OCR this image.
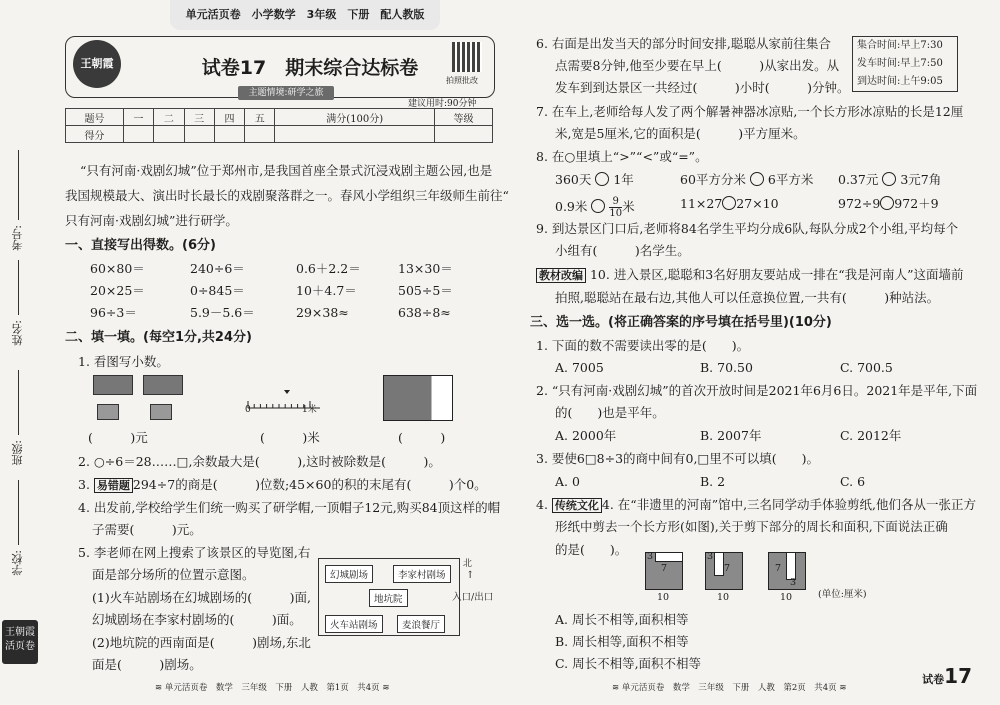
考号:
姓名:
班级:
学校:
王朝霞 活页卷
单元活页卷　小学数学　3年级　下册　配人教版
王朝霞	试卷17　期末综合达标卷
拍照批改
主题情境:研学之旅
建议用时:90分钟
题号	一	二	三	四	五	满分(100分)	等级
得分							
“只有河南·戏剧幻城”位于郑州市,是我国首座全景式沉浸戏剧主题公园,也是
我国规模最大、演出时长最长的戏剧聚落群之一。春风小学组织三年级师生前往“
只有河南·戏剧幻城”进行研学。
一、直接写出得数。(6分)
60×80＝	240÷6＝	0.6＋2.2＝	13×30＝
20×25＝	0÷845＝	10＋4.7＝	505÷5＝
96÷3＝	5.9－5.6＝	29×38≈	638÷8≈
二、填一填。(每空1分,共24分)
1. 看图写小数。
(　　　)元
0	1米
(　　　)米	(　　　)
2. ○÷6＝28……□,余数最大是(　　　),这时被除数是(　　　)。
3. 易错题 294÷7的商是(　　　)位数;45×60的积的末尾有(　　　)个0。
4. 出发前,学校给学生们统一购买了研学帽,一顶帽子12元,购买84顶这样的帽
子需要(　　　)元。
5. 李老师在网上搜索了该景区的导览图,右
面是部分场所的位置示意图。
(1)火车站剧场在幻城剧场的(　　　)面,
幻城剧场在李家村剧场的(　　　)面。
(2)地坑院的西南面是(　　　)剧场,东北
面是(　　　)剧场。
幻城剧场	李家村剧场
地坑院
火车站剧场	麦浪餐厅
北
↑
入口/出口
6. 右面是出发当天的部分时间安排,聪聪从家前往集合
点需要8分钟,他至少要在早上(　　　)从家出发。从
发车到到达景区一共经过(　　　)小时(　　　)分钟。
集合时间:早上7:30
发车时间:早上7:50
到达时间:上午9:05
7. 在车上,老师给每人发了两个解暑神器冰凉贴,一个长方形冰凉贴的长是12厘
米,宽是5厘米,它的面积是(　　　)平方厘米。
8. 在○里填上“>”“<”或“=”。
360天 1年	60平方分米 6平方米 0.37元 3元7角
0.9米 $\frac{9}{10}$ 米	11×27 27×10	972÷9 972＋9
9. 到达景区门口后,老师将84名学生平均分成6队,每队分成2个小组,平均每个
小组有(　　　)名学生。
教材改编 10. 进入景区,聪聪和3名好朋友要站成一排在“我是河南人”这面墙前
拍照,聪聪站在最右边,其他人可以任意换位置,一共有(　　　)种站法。
三、选一选。(将正确答案的序号填在括号里)(10分)
1. 下面的数不需要读出零的是(　　)。
A. 7005	B. 70.50	C. 700.5
2. “只有河南·戏剧幻城”的首次开放时间是2021年6月6日。2021年是平年,下面
的(　　)也是平年。
A. 2000年	B. 2007年	C. 2012年
3. 要使6□8÷3的商中间有0,□里不可以填(　　)。
A. 0	B. 2	C. 6
4. 传统文化 4. 在“非遗里的河南”馆中,三名同学动手体验剪纸,他们各从一张正方
形纸中剪去一个长方形(如图),关于剪下部分的周长和面积,下面说法正确
的是(　　)。 3
7
10
3
7
10
7
3
10	(单位:厘米)
A. 周长不相等,面积相等
B. 周长相等,面积不相等
C. 周长不相等,面积不相等
≋ 单元活页卷　数学　三年级　下册　人教　第1页　共4页 ≋	≋ 单元活页卷　数学　三年级　下册　人教　第2页　共4页 ≋
试卷17
